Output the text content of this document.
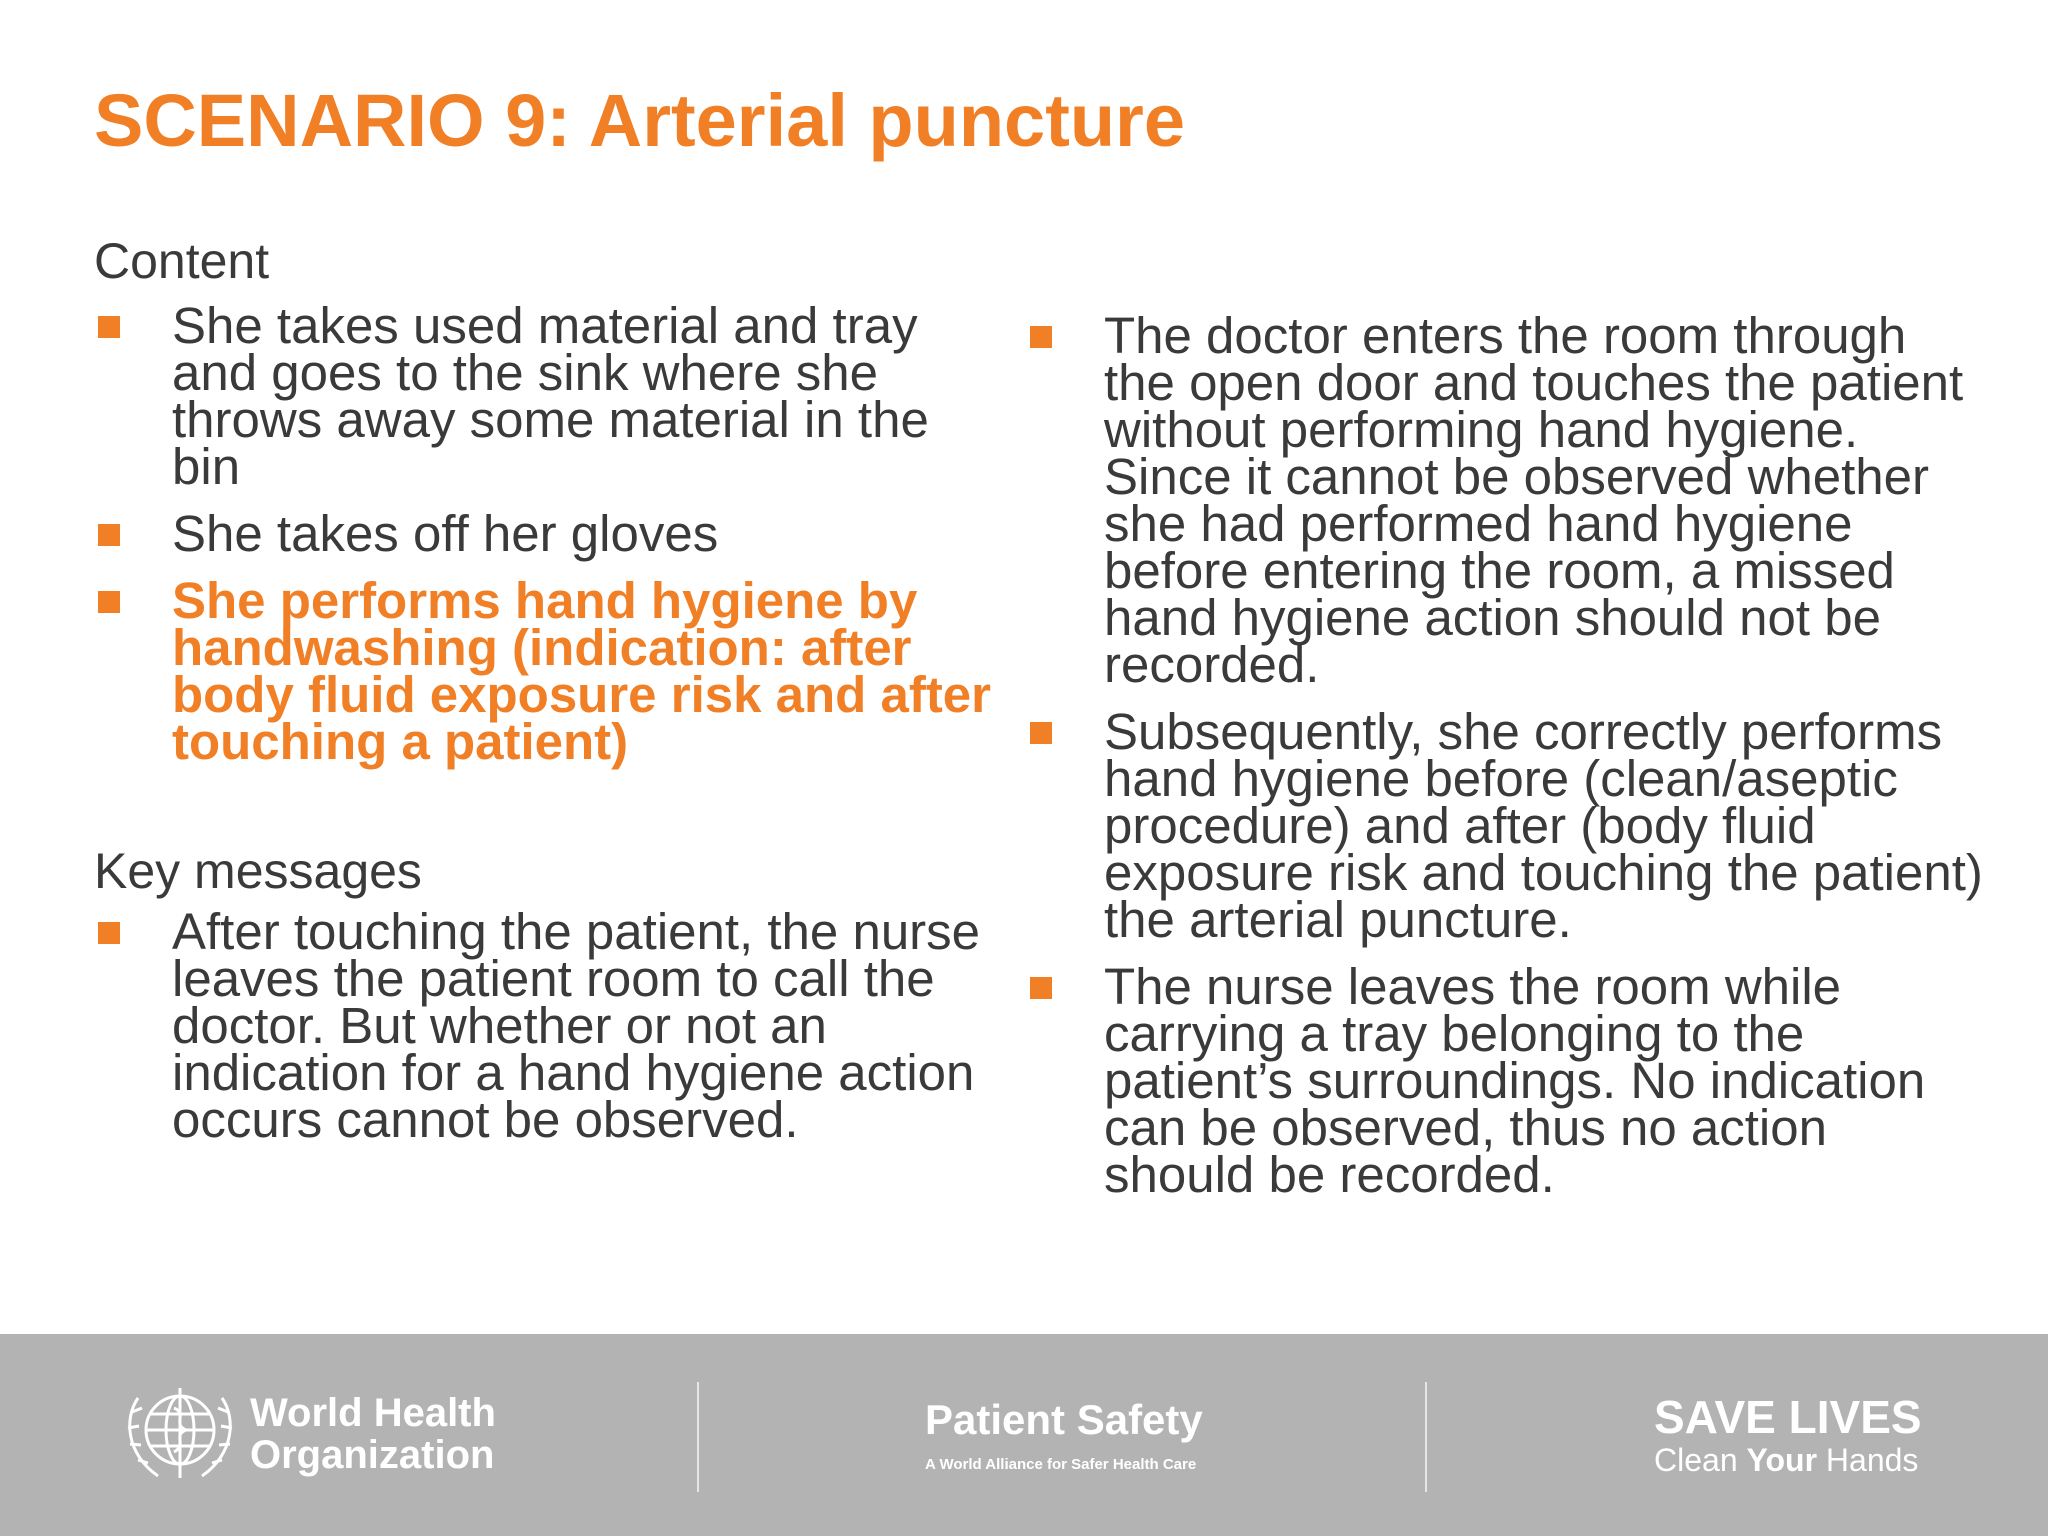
SCENARIO 9: Arterial puncture
Content
She takes used material and tray and goes to the sink where she throws away some material in the bin
She takes off her gloves
She performs hand hygiene by handwashing (indication: after body fluid exposure risk and after touching a patient)
Key messages
After touching the patient, the nurse leaves the patient room to call the doctor. But whether or not an indication for a hand hygiene action occurs cannot be observed.
The doctor enters the room through the open door and touches the patient without performing hand hygiene. Since it cannot be observed whether she had performed hand hygiene before entering the room, a missed hand hygiene action should not be recorded.
Subsequently, she correctly performs hand hygiene before (clean/aseptic procedure) and after (body fluid exposure risk and touching the patient) the arterial puncture.
The nurse leaves the room while carrying a tray belonging to the patient’s surroundings. No indication can be observed, thus no action should be recorded.
World Health
Organization
Patient Safety
A World Alliance for Safer Health Care
SAVE LIVES
Clean Your Hands
